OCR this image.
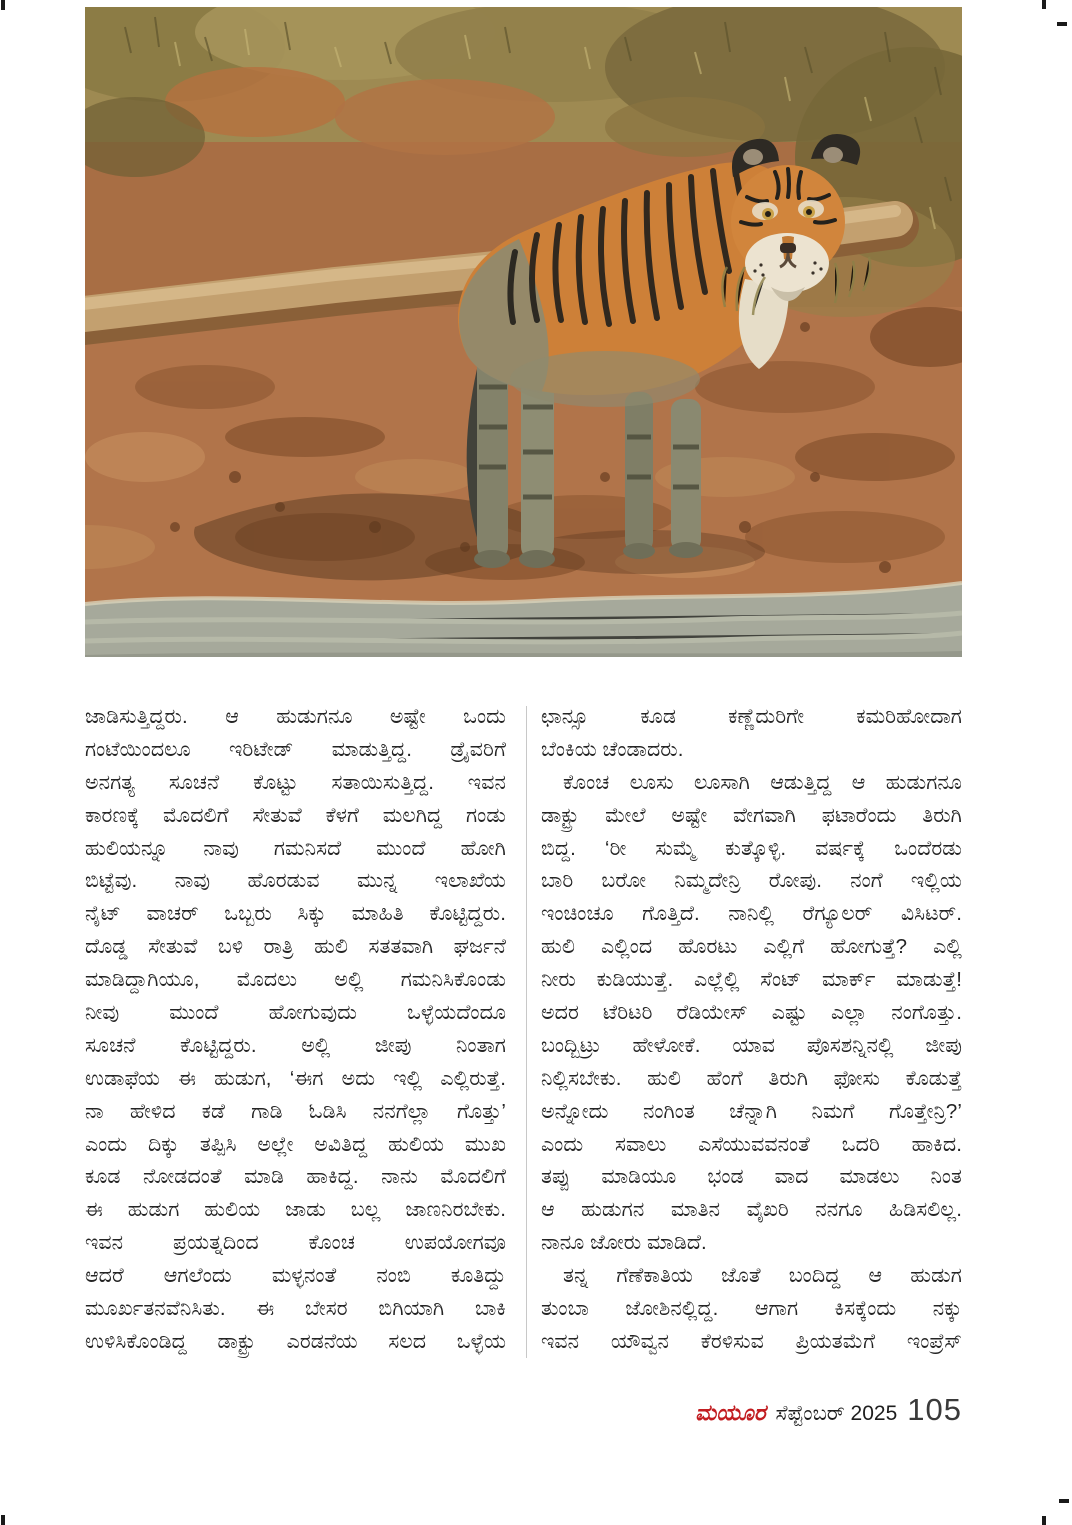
ಜಾಡಿಸುತ್ತಿದ್ದರು. ಆ ಹುಡುಗನೂ ಅಷ್ಟೇ ಒಂದು
ಗಂಟೆಯಿಂದಲೂ ಇರಿಟೇಡ್ ಮಾಡುತ್ತಿದ್ದ. ಡ್ರೈವರಿಗೆ
ಅನಗತ್ಯ ಸೂಚನೆ ಕೊಟ್ಟು ಸತಾಯಿಸುತ್ತಿದ್ದ. ಇವನ
ಕಾರಣಕ್ಕೆ ಮೊದಲಿಗೆ ಸೇತುವೆ ಕೆಳಗೆ ಮಲಗಿದ್ದ ಗಂಡು
ಹುಲಿಯನ್ನೂ ನಾವು ಗಮನಿಸದೆ ಮುಂದೆ ಹೋಗಿ
ಬಿಟ್ಟೆವು. ನಾವು ಹೊರಡುವ ಮುನ್ನ ಇಲಾಖೆಯ
ನೈಟ್ ವಾಚರ್ ಒಬ್ಬರು ಸಿಕ್ಕು ಮಾಹಿತಿ ಕೊಟ್ಟಿದ್ದರು.
ದೊಡ್ಡ ಸೇತುವೆ ಬಳಿ ರಾತ್ರಿ ಹುಲಿ ಸತತವಾಗಿ ಘರ್ಜನೆ
ಮಾಡಿದ್ದಾಗಿಯೂ, ಮೊದಲು ಅಲ್ಲಿ ಗಮನಿಸಿಕೊಂಡು
ನೀವು ಮುಂದೆ ಹೋಗುವುದು ಒಳ್ಳೆಯದೆಂದೂ
ಸೂಚನೆ ಕೊಟ್ಟಿದ್ದರು. ಅಲ್ಲಿ ಜೀಪು ನಿಂತಾಗ
ಉಡಾಫೆಯ ಈ ಹುಡುಗ, ‘ಈಗ ಅದು ಇಲ್ಲಿ ಎಲ್ಲಿರುತ್ತೆ.
ನಾ ಹೇಳಿದ ಕಡೆ ಗಾಡಿ ಓಡಿಸಿ ನನಗೆಲ್ಲಾ ಗೊತ್ತು’
ಎಂದು ದಿಕ್ಕು ತಪ್ಪಿಸಿ ಅಲ್ಲೇ ಅವಿತಿದ್ದ ಹುಲಿಯ ಮುಖ
ಕೂಡ ನೋಡದಂತೆ ಮಾಡಿ ಹಾಕಿದ್ದ. ನಾನು ಮೊದಲಿಗೆ
ಈ ಹುಡುಗ ಹುಲಿಯ ಜಾಡು ಬಲ್ಲ ಜಾಣನಿರಬೇಕು.
ಇವನ ಪ್ರಯತ್ನದಿಂದ ಕೊಂಚ ಉಪಯೋಗವೂ
ಆದರೆ ಆಗಲೆಂದು ಮಳ್ಳನಂತೆ ನಂಬಿ ಕೂತಿದ್ದು
ಮೂರ್ಖತನವೆನಿಸಿತು. ಈ ಬೇಸರ ಬಿಗಿಯಾಗಿ ಬಾಕಿ
ಉಳಿಸಿಕೊಂಡಿದ್ದ ಡಾಕ್ಟ್ರು ಎರಡನೆಯ ಸಲದ ಒಳ್ಳೆಯ
ಛಾನ್ಸೂ ಕೂಡ ಕಣ್ಣೆದುರಿಗೇ ಕಮರಿಹೋದಾಗ
ಬೆಂಕಿಯ ಚೆಂಡಾದರು.
ಕೊಂಚ ಲೂಸು ಲೂಸಾಗಿ ಆಡುತ್ತಿದ್ದ ಆ ಹುಡುಗನೂ
ಡಾಕ್ಟ್ರು ಮೇಲೆ ಅಷ್ಟೇ ವೇಗವಾಗಿ ಫಟಾರೆಂದು ತಿರುಗಿ
ಬಿದ್ದ. ‘ರೀ ಸುಮ್ಮೆ ಕುತ್ಕೊಳ್ಳಿ. ವರ್ಷಕ್ಕೆ ಒಂದೆರಡು
ಬಾರಿ ಬರೋ ನಿಮ್ಮದೇನ್ರಿ ರೋಪು. ನಂಗೆ ಇಲ್ಲಿಯ
ಇಂಚಿಂಚೂ ಗೊತ್ತಿದೆ. ನಾನಿಲ್ಲಿ ರೆಗ್ಯೂಲರ್ ವಿಸಿಟರ್.
ಹುಲಿ ಎಲ್ಲಿಂದ ಹೊರಟು ಎಲ್ಲಿಗೆ ಹೋಗುತ್ತೆ? ಎಲ್ಲಿ
ನೀರು ಕುಡಿಯುತ್ತೆ. ಎಲ್ಲೆಲ್ಲಿ ಸೆಂಟ್ ಮಾರ್ಕ್ ಮಾಡುತ್ತೆ!
ಅದರ ಟೆರಿಟರಿ ರೆಡಿಯೇಸ್ ಎಷ್ಟು ಎಲ್ಲಾ ನಂಗೊತ್ತು.
ಬಂದ್ಬಿಟ್ರು ಹೇಳೋಕೆ. ಯಾವ ಪೊಸಶನ್ನಿನಲ್ಲಿ ಜೀಪು
ನಿಲ್ಲಿಸಬೇಕು. ಹುಲಿ ಹೆಂಗೆ ತಿರುಗಿ ಫೋಸು ಕೊಡುತ್ತೆ
ಅನ್ನೋದು ನಂಗಿಂತ ಚೆನ್ನಾಗಿ ನಿಮಗೆ ಗೊತ್ತೇನ್ರಿ?’
ಎಂದು ಸವಾಲು ಎಸೆಯುವವನಂತೆ ಒದರಿ ಹಾಕಿದ.
ತಪ್ಪು ಮಾಡಿಯೂ ಭಂಡ ವಾದ ಮಾಡಲು ನಿಂತ
ಆ ಹುಡುಗನ ಮಾತಿನ ವೈಖರಿ ನನಗೂ ಹಿಡಿಸಲಿಲ್ಲ.
ನಾನೂ ಜೋರು ಮಾಡಿದೆ.
ತನ್ನ ಗೆಣೆಕಾತಿಯ ಜೊತೆ ಬಂದಿದ್ದ ಆ ಹುಡುಗ
ತುಂಬಾ ಜೋಶಿನಲ್ಲಿದ್ದ. ಆಗಾಗ ಕಿಸಕ್ಕೆಂದು ನಕ್ಕು
ಇವನ ಯೌವ್ವನ ಕೆರಳಿಸುವ ಪ್ರಿಯತಮೆಗೆ ಇಂಪ್ರೆಸ್
ಮಯೂರ ಸೆಪ್ಟೆಂಬರ್ 2025 105
